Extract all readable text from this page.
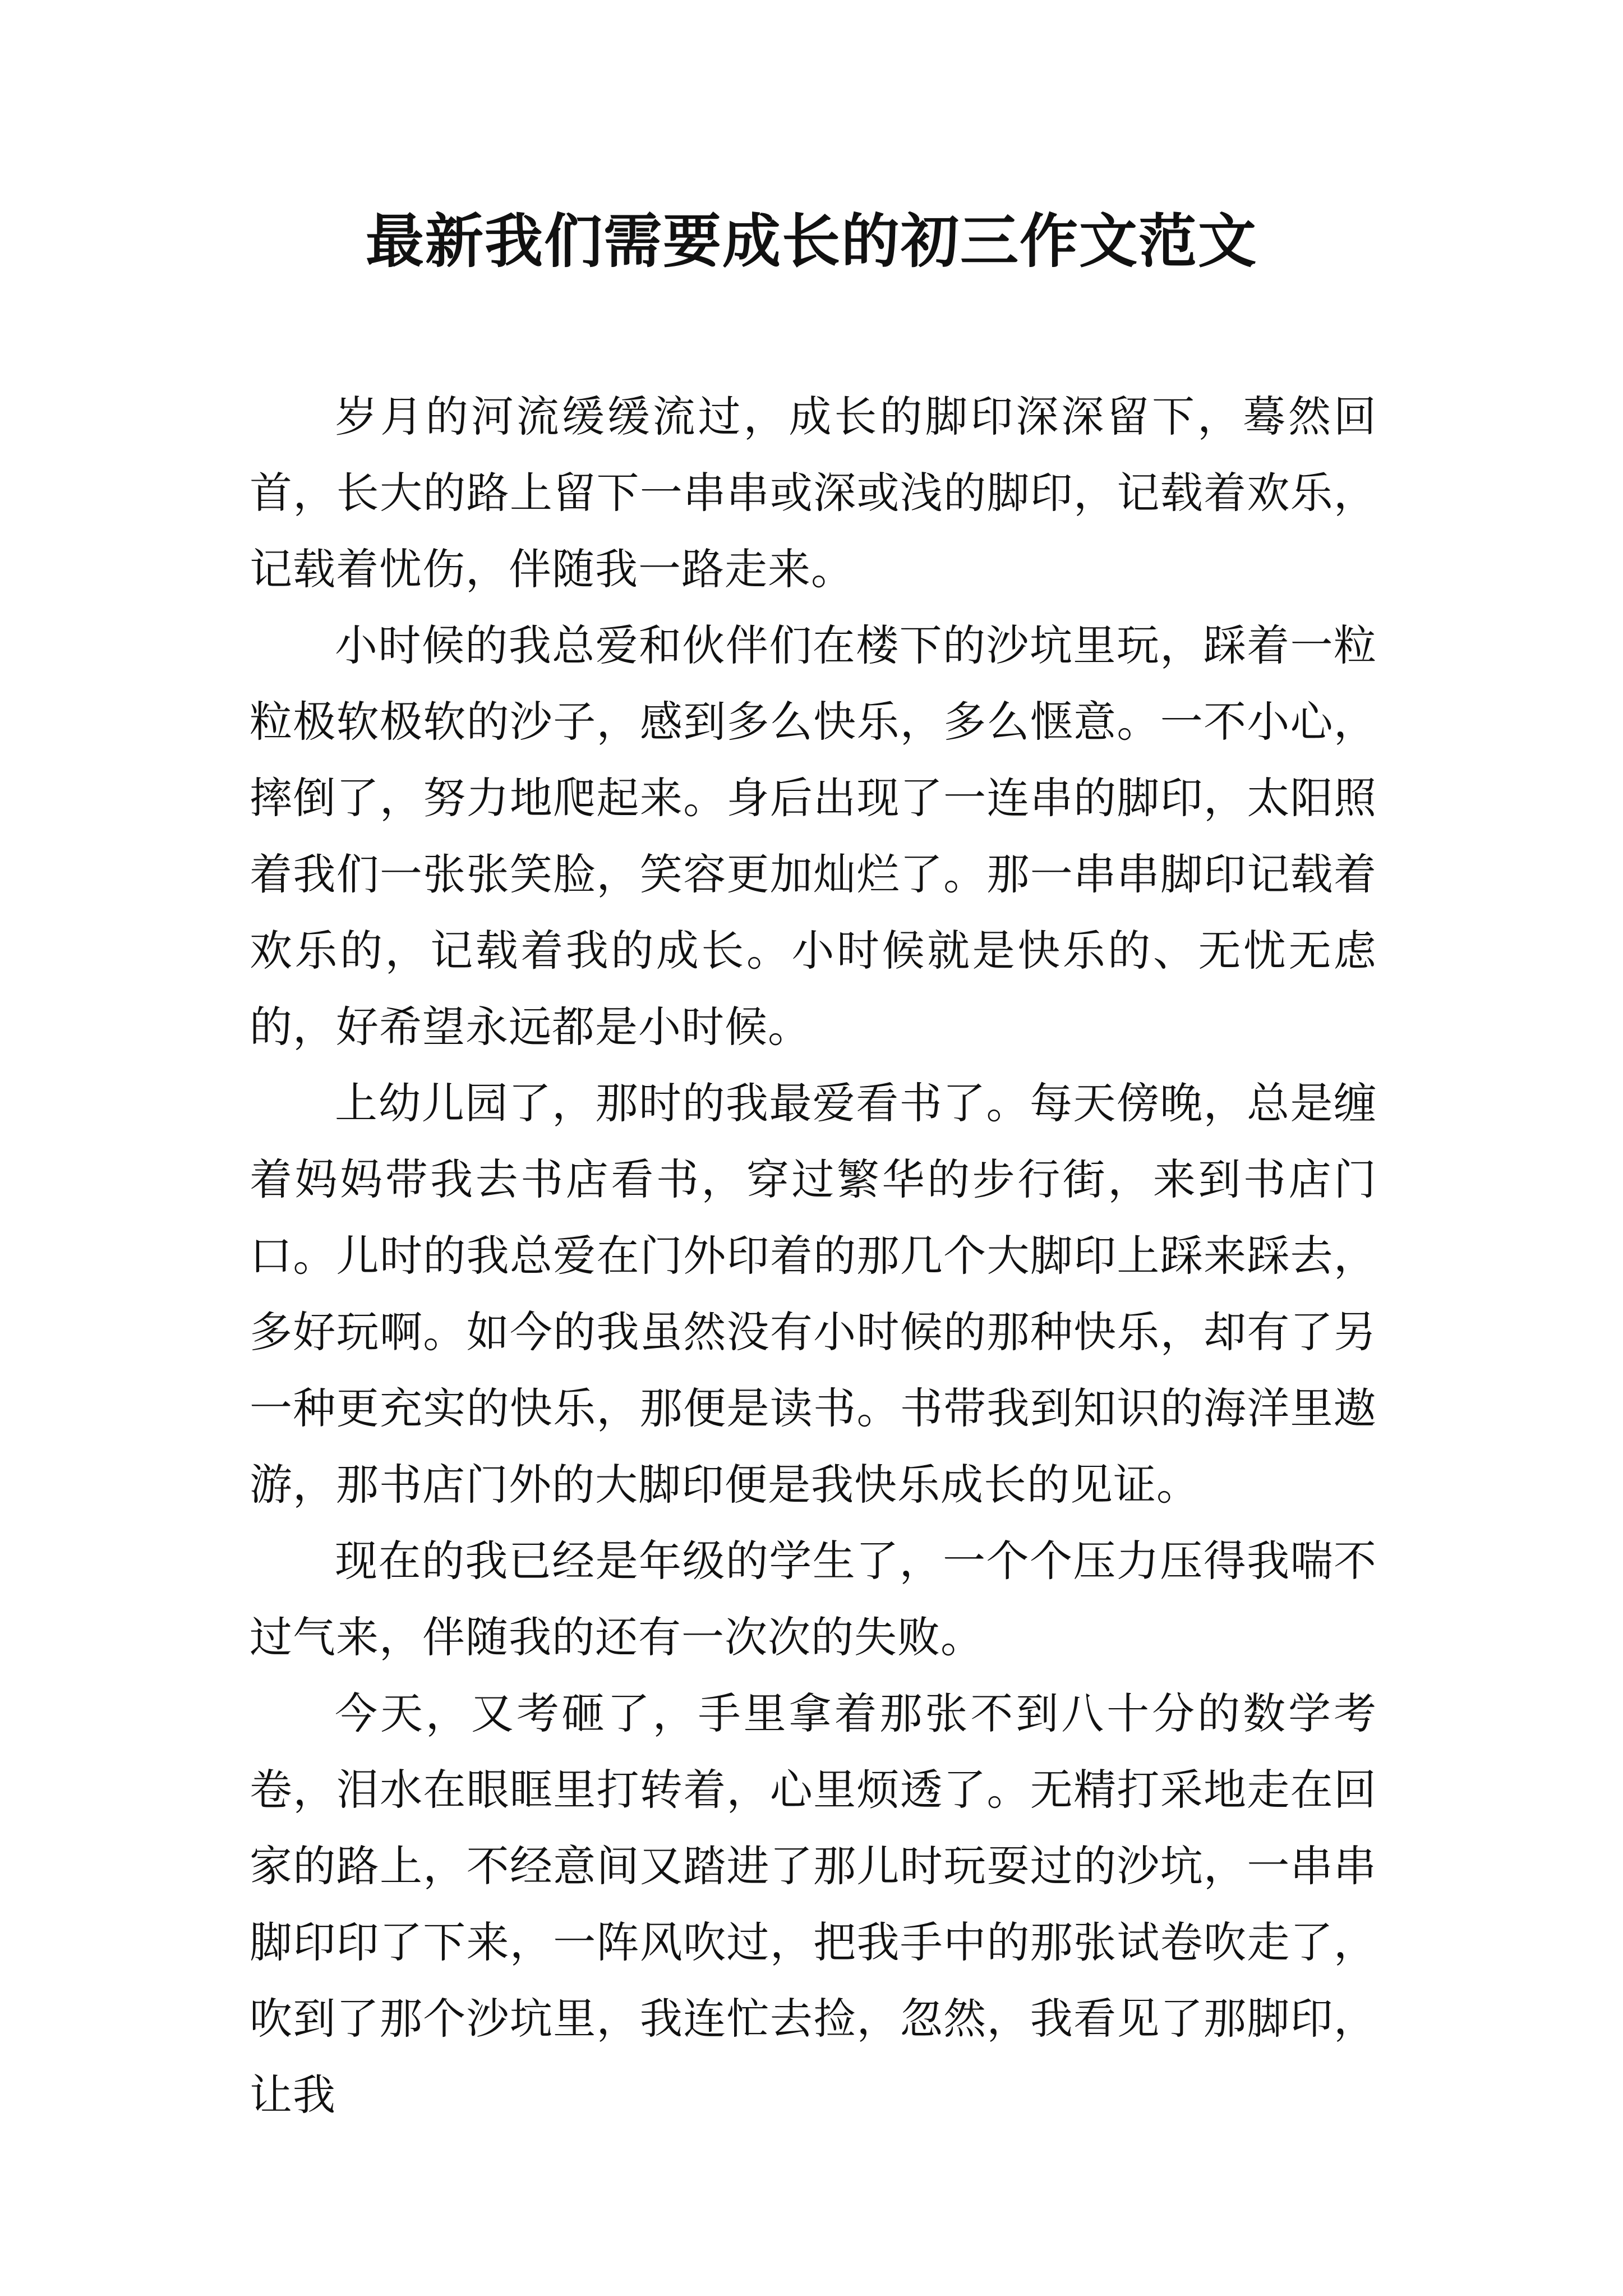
最新我们需要成长的初三作文范文

岁月的河流缓缓流过，成长的脚印深深留下，蓦然回首，长大的路上留下一串串或深或浅的脚印，记载着欢乐，记载着忧伤，伴随我一路走来。

小时候的我总爱和伙伴们在楼下的沙坑里玩，踩着一粒粒极软极软的沙子，感到多么快乐，多么惬意。一不小心，摔倒了，努力地爬起来。身后出现了一连串的脚印，太阳照着我们一张张笑脸，笑容更加灿烂了。那一串串脚印记载着欢乐的，记载着我的成长。小时候就是快乐的、无忧无虑的，好希望永远都是小时候。

上幼儿园了，那时的我最爱看书了。每天傍晚，总是缠着妈妈带我去书店看书，穿过繁华的步行街，来到书店门口。儿时的我总爱在门外印着的那几个大脚印上踩来踩去，多好玩啊。如今的我虽然没有小时候的那种快乐，却有了另一种更充实的快乐，那便是读书。书带我到知识的海洋里遨游，那书店门外的大脚印便是我快乐成长的见证。

现在的我已经是年级的学生了，一个个压力压得我喘不过气来，伴随我的还有一次次的失败。

今天，又考砸了，手里拿着那张不到八十分的数学考卷，泪水在眼眶里打转着，心里烦透了。无精打采地走在回家的路上，不经意间又踏进了那儿时玩耍过的沙坑，一串串脚印印了下来，一阵风吹过，把我手中的那张试卷吹走了，吹到了那个沙坑里，我连忙去捡，忽然，我看见了那脚印，让我
